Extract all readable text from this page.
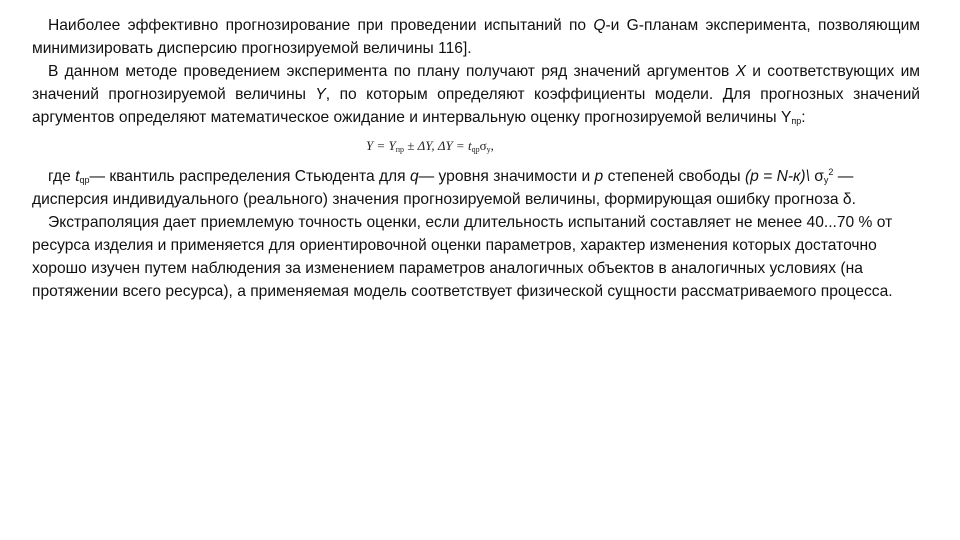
Наиболее эффективно прогнозирование при проведении испытаний по Q-и G-планам эксперимента, позволяющим минимизировать дисперсию прогнозируемой величины 116].

В данном методе проведением эксперимента по плану получают ряд значений аргументов X и соответствующих им значений прогнозируемой величины Y, по которым определяют коэффициенты модели. Для прогнозных значений аргументов определяют математическое ожидание и интервальную оценку прогнозируемой величины $Y_{пр}$:

$Y = Y_{пр} \pm \Delta Y$, $\Delta Y = t_{qp}\sigma_y$,

где $t_{qp}—$ квантиль распределения Стьюдента для q— уровня значимости и p степеней свободы (p = N-к)\ $\sigma_y^2$ — дисперсия индивидуального (реального) значения прогнозируемой величины, формирующая ошибку прогноза δ.

Экстраполяция дает приемлемую точность оценки, если длительность испытаний составляет не менее 40...70 % от ресурса изделия и применяется для ориентировочной оценки параметров, характер изменения которых достаточно хорошо изучен путем наблюдения за изменением параметров аналогичных объектов в аналогичных условиях (на протяжении всего ресурса), а применяемая модель соответствует физической сущности рассматриваемого процесса.
